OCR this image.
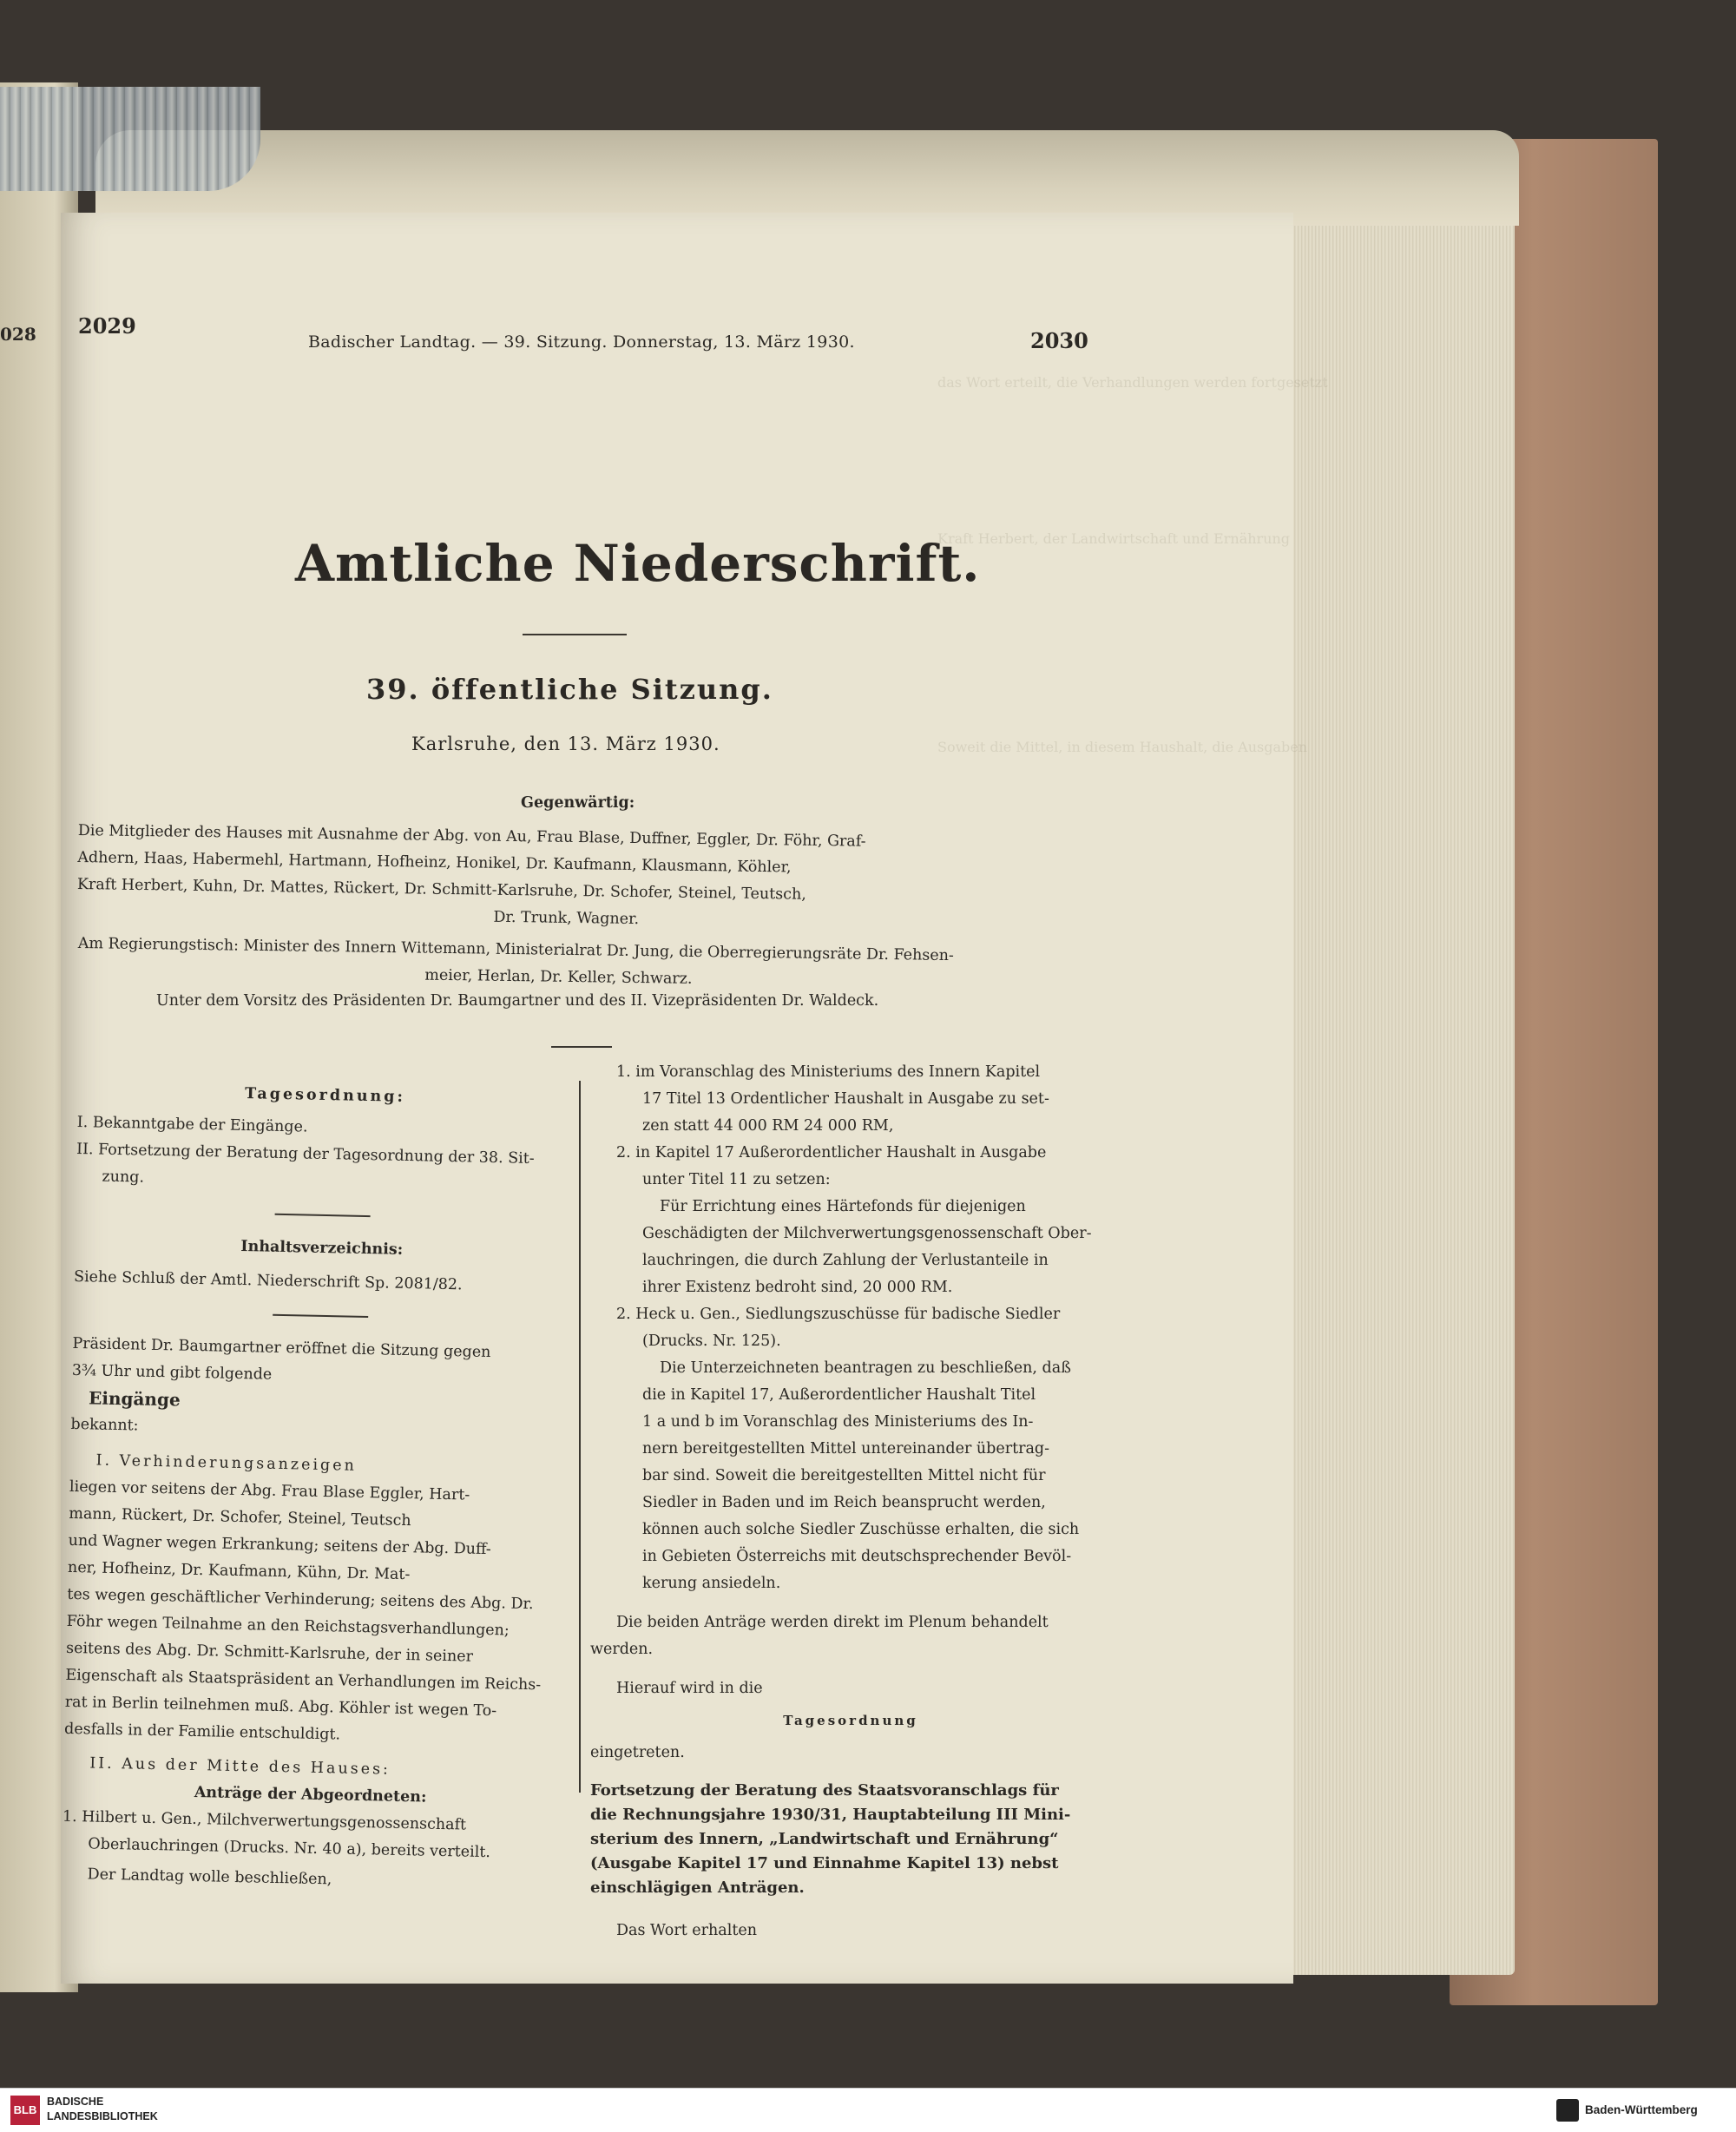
028
das Wort erteilt, die Verhandlungen werden fortgesetzt
Kraft Herbert, der Landwirtschaft und Ernährung
Soweit die Mittel, in diesem Haushalt, die Ausgaben
2029
Badischer Landtag. — 39. Sitzung. Donnerstag, 13. März 1930.	2030
Amtliche Niederschrift.
39. öffentliche Sitzung.
Karlsruhe, den 13. März 1930.
Gegenwärtig:
Die Mitglieder des Hauses mit Ausnahme der Abg. von Au, Frau Blase, Duffner, Eggler, Dr. Föhr, Graf-
Adhern, Haas, Habermehl, Hartmann, Hofheinz, Honikel, Dr. Kaufmann, Klausmann, Köhler,
Kraft Herbert, Kuhn, Dr. Mattes, Rückert, Dr. Schmitt-Karlsruhe, Dr. Schofer, Steinel, Teutsch,
Dr. Trunk, Wagner.
Am Regierungstisch: Minister des Innern Wittemann, Ministerialrat Dr. Jung, die Oberregierungsräte Dr. Fehsen-
meier, Herlan, Dr. Keller, Schwarz.
Unter dem Vorsitz des Präsidenten Dr. Baumgartner und des II. Vizepräsidenten Dr. Waldeck.
Tagesordnung:
I. Bekanntgabe der Eingänge.
II. Fortsetzung der Beratung der Tagesordnung der 38. Sit-
zung.
Inhaltsverzeichnis:
Siehe Schluß der Amtl. Niederschrift Sp. 2081/82.
Präsident Dr. Baumgartner eröffnet die Sitzung gegen
3¾ Uhr und gibt folgende
Eingänge
bekannt:
I. Verhinderungsanzeigen
liegen vor seitens der Abg. Frau Blase Eggler, Hart-
mann, Rückert, Dr. Schofer, Steinel, Teutsch
und Wagner wegen Erkrankung; seitens der Abg. Duff-
ner, Hofheinz, Dr. Kaufmann, Kühn, Dr. Mat-
tes wegen geschäftlicher Verhinderung; seitens des Abg. Dr.
Föhr wegen Teilnahme an den Reichstagsverhandlungen;
seitens des Abg. Dr. Schmitt-Karlsruhe, der in seiner
Eigenschaft als Staatspräsident an Verhandlungen im Reichs-
rat in Berlin teilnehmen muß. Abg. Köhler ist wegen To-
desfalls in der Familie entschuldigt.
II. Aus der Mitte des Hauses:
Anträge der Abgeordneten:
1. Hilbert u. Gen., Milchverwertungsgenossenschaft
Oberlauchringen (Drucks. Nr. 40 a), bereits verteilt.
Der Landtag wolle beschließen,
1. im Voranschlag des Ministeriums des Innern Kapitel
17 Titel 13 Ordentlicher Haushalt in Ausgabe zu set-
zen statt 44 000 RM 24 000 RM,
2. in Kapitel 17 Außerordentlicher Haushalt in Ausgabe
unter Titel 11 zu setzen:
Für Errichtung eines Härtefonds für diejenigen
Geschädigten der Milchverwertungsgenossenschaft Ober-
lauchringen, die durch Zahlung der Verlustanteile in
ihrer Existenz bedroht sind, 20 000 RM.
2. Heck u. Gen., Siedlungszuschüsse für badische Siedler
(Drucks. Nr. 125).
Die Unterzeichneten beantragen zu beschließen, daß
die in Kapitel 17, Außerordentlicher Haushalt Titel
1 a und b im Voranschlag des Ministeriums des In-
nern bereitgestellten Mittel untereinander übertrag-
bar sind. Soweit die bereitgestellten Mittel nicht für
Siedler in Baden und im Reich beansprucht werden,
können auch solche Siedler Zuschüsse erhalten, die sich
in Gebieten Österreichs mit deutschsprechender Bevöl-
kerung ansiedeln.
Die beiden Anträge werden direkt im Plenum behandelt
werden.
Hierauf wird in die
Tagesordnung
eingetreten.
Fortsetzung der Beratung des Staatsvoranschlags für
die Rechnungsjahre 1930/31, Hauptabteilung III Mini-
sterium des Innern, „Landwirtschaft und Ernährung“
(Ausgabe Kapitel 17 und Einnahme Kapitel 13) nebst
einschlägigen Anträgen.
Das Wort erhalten
BLB
BADISCHE
LANDESBIBLIOTHEK	Baden-Württemberg
